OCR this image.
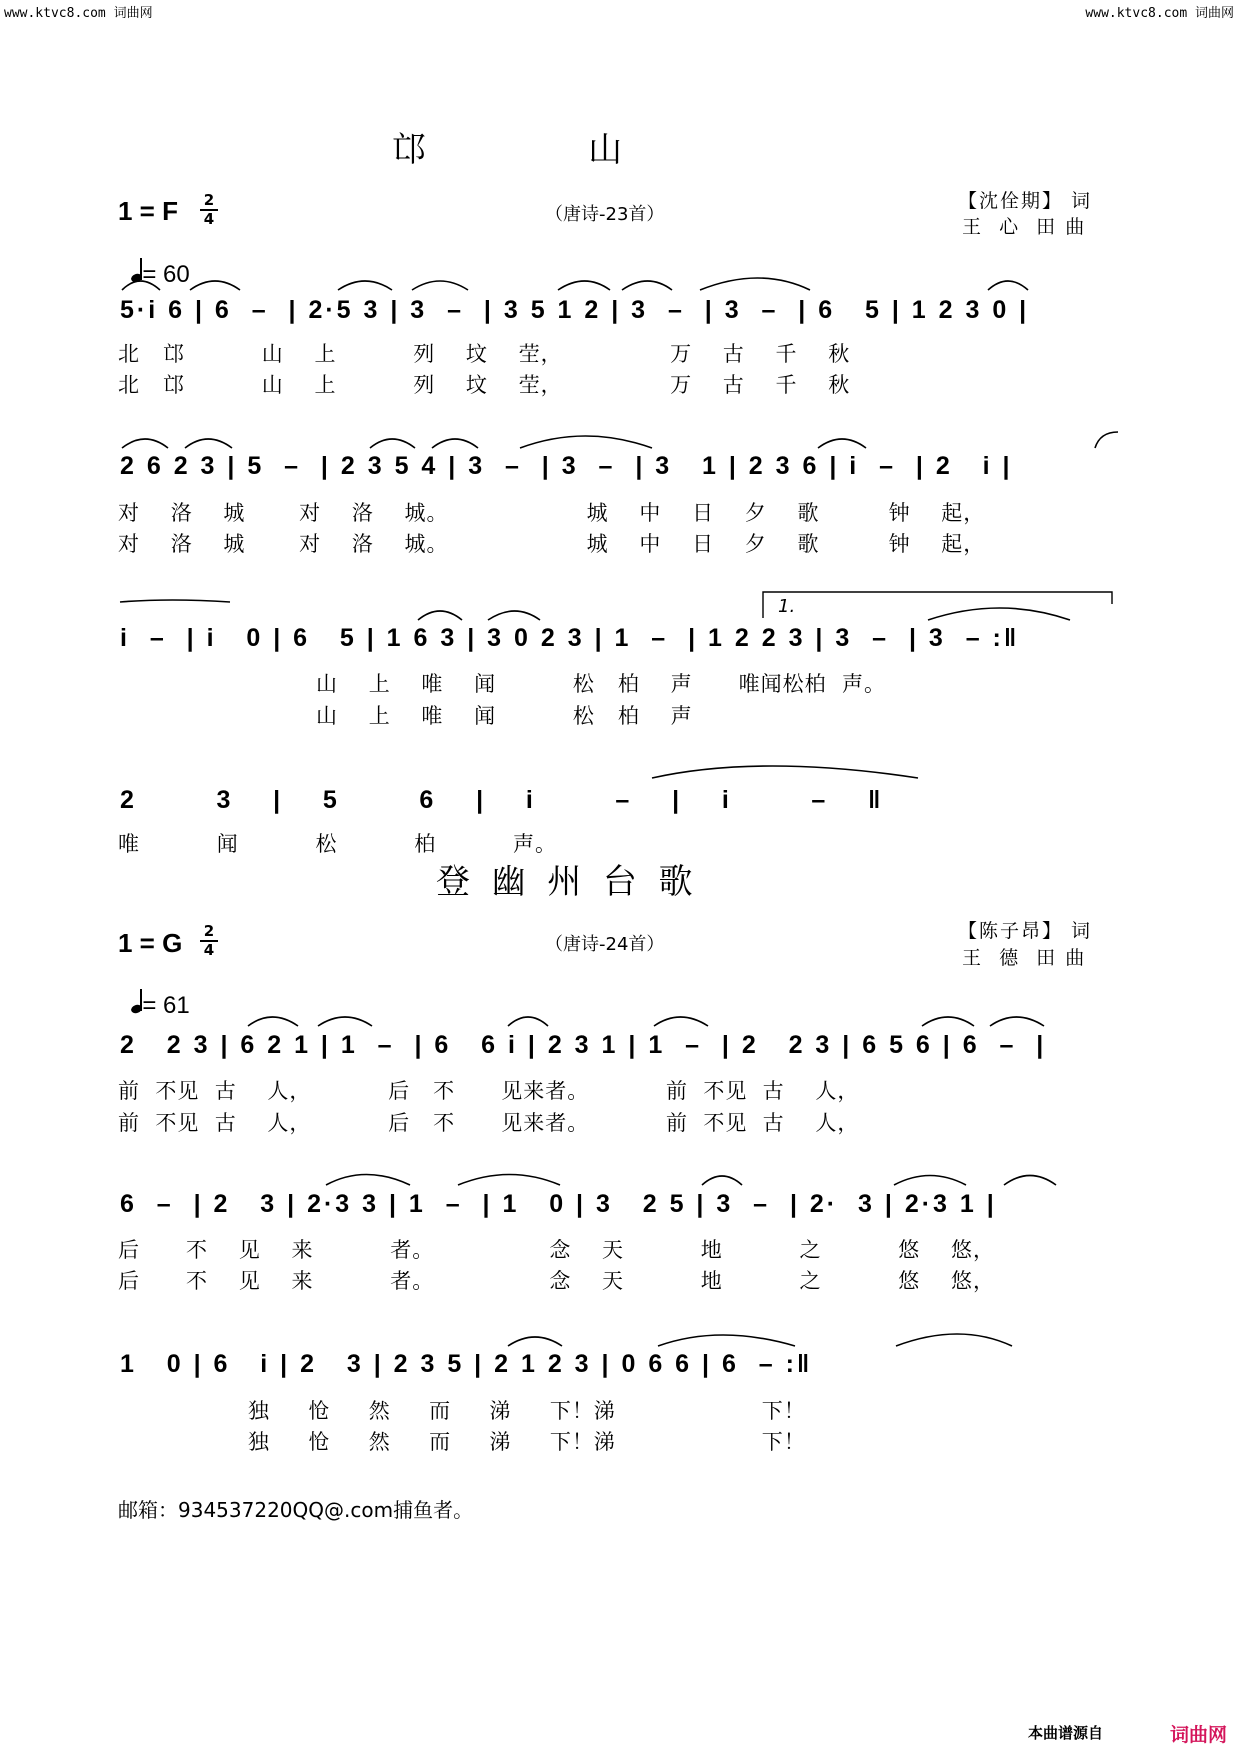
www.ktvc8.com 词曲网	www.ktvc8.com 词曲网
邙               山
1 = F 2
4

= 60

（唐诗-23首）
【沈佺期】 词
王  心  田 曲
5·i 6 | 6  –  | 2·5 3 | 3  –  | 3 5 1 2 | 3  –  | 3  –  | 6   5 | 1 2 3 0 |
北   邙          山    上          列    坟    茔，              万    古    千    秋
北   邙          山    上          列    坟    茔，              万    古    千    秋
2 6 2 3 | 5  –  | 2 3 5 4 | 3  –  | 3  –  | 3   1 | 2 3 6 | i  –  | 2   i |
对    洛    城       对    洛    城。                  城    中    日    夕    歌         钟    起，
对    洛    城       对    洛    城。                  城    中    日    夕    歌         钟    起，
1.
i  –  | i   0 | 6   5 | 1 6 3 | 3 0 2 3 | 1  –  | 1 2 2 3 | 3  –  | 3  – :‖
山    上    唯    闻          松   柏    声      唯闻松柏  声。
山    上    唯    闻          松   柏    声
2        3    |    5        6    |    i        –    |    i        –    ‖
唯          闻          松          柏          声。
登  幽  州  台  歌
1 = G 2
4

= 61

（唐诗-24首）
【陈子昂】 词
王  德  田 曲
2   2 3 | 6 2 1 | 1  –  | 6   6 i | 2 3 1 | 1  –  | 2   2 3 | 6 5 6 | 6  –  |
前  不见  古    人，          后   不      见来者。          前  不见  古    人，
前  不见  古    人，          后   不      见来者。          前  不见  古    人，
6  –  | 2   3 | 2·3 3 | 1  –  | 1   0 | 3   2 5 | 3  –  | 2·  3 | 2·3 1 |
后      不    见    来          者。               念    天          地          之          悠    悠，
后      不    见    来          者。               念    天          地          之          悠    悠，
1   0 | 6   i | 2   3 | 2 3 5 | 2 1 2 3 | 0 6 6 | 6  – :‖
独     怆     然     而     涕     下！涕                   下！
独     怆     然     而     涕     下！涕                   下！
邮箱：934537220QQ@.com捕鱼者。
本曲谱源自	词曲网
